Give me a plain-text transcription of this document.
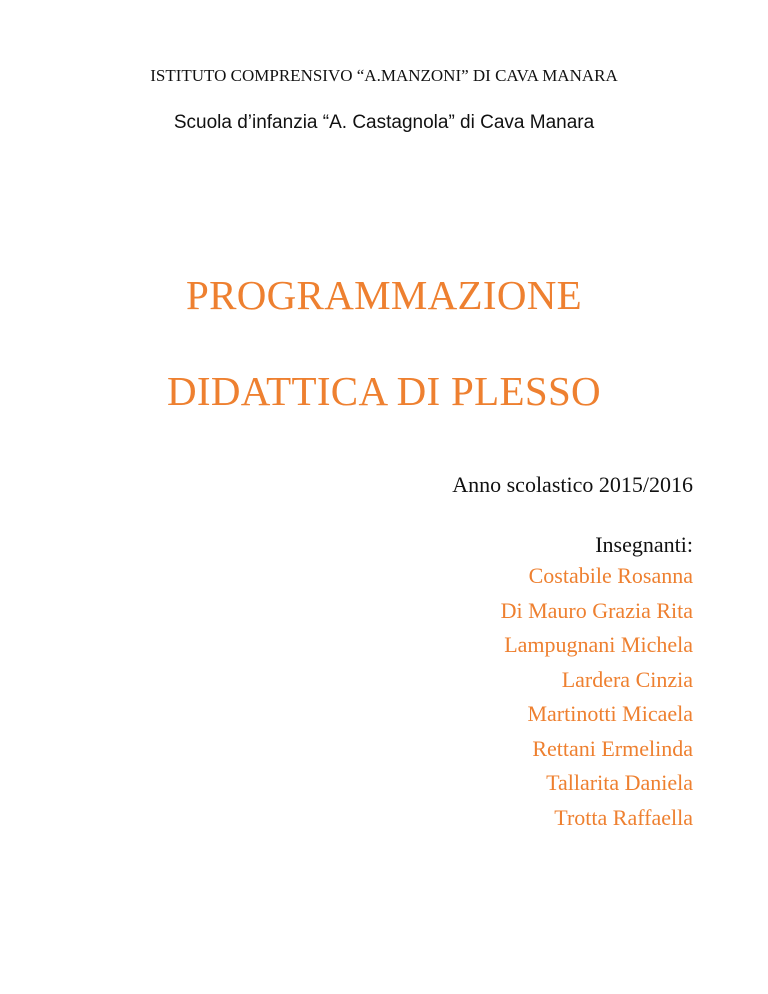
ISTITUTO COMPRENSIVO “A.MANZONI” DI CAVA MANARA
Scuola d’infanzia “A. Castagnola” di Cava Manara
PROGRAMMAZIONE
DIDATTICA DI PLESSO
Anno scolastico 2015/2016
Insegnanti:
Costabile Rosanna
Di Mauro Grazia Rita
Lampugnani Michela
Lardera Cinzia
Martinotti Micaela
Rettani Ermelinda
Tallarita Daniela
Trotta Raffaella
